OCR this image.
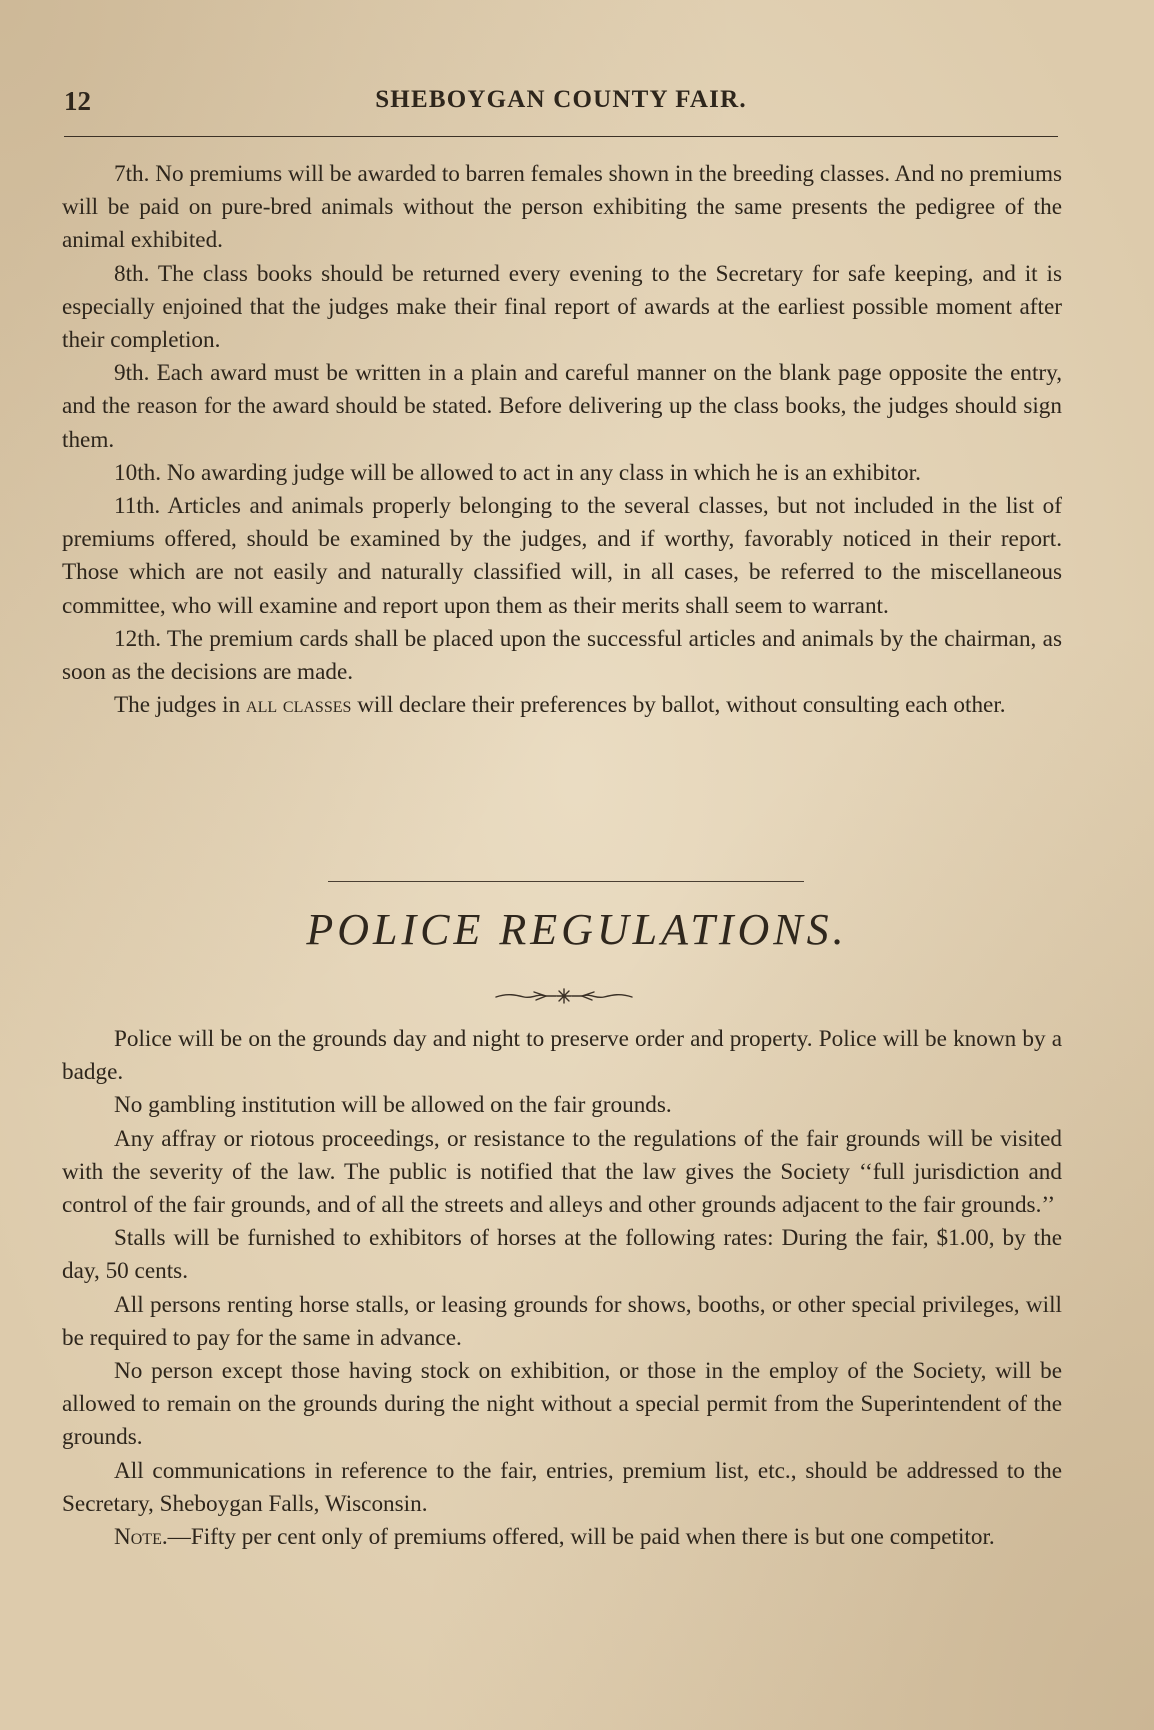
12	SHEBOYGAN COUNTY FAIR.

7th. No premiums will be awarded to barren females shown in the breeding classes. And no premiums will be paid on pure-bred animals without the person exhibiting the same presents the pedigree of the animal exhibited.

8th. The class books should be returned every evening to the Secretary for safe keeping, and it is especially enjoined that the judges make their final report of awards at the earliest possible moment after their completion.

9th. Each award must be written in a plain and careful manner on the blank page opposite the entry, and the reason for the award should be stated. Before delivering up the class books, the judges should sign them.

10th. No awarding judge will be allowed to act in any class in which he is an exhibitor.

11th. Articles and animals properly belonging to the several classes, but not included in the list of premiums offered, should be examined by the judges, and if worthy, favorably noticed in their report. Those which are not easily and naturally classified will, in all cases, be referred to the miscellaneous committee, who will examine and report upon them as their merits shall seem to warrant.

12th. The premium cards shall be placed upon the successful articles and animals by the chairman, as soon as the decisions are made.

The judges in all classes will declare their preferences by ballot, without consulting each other.

POLICE REGULATIONS.

Police will be on the grounds day and night to preserve order and property. Police will be known by a badge.

No gambling institution will be allowed on the fair grounds.

Any affray or riotous proceedings, or resistance to the regulations of the fair grounds will be visited with the severity of the law. The public is notified that the law gives the Society ‘‘full jurisdiction and control of the fair grounds, and of all the streets and alleys and other grounds adjacent to the fair grounds.’’

Stalls will be furnished to exhibitors of horses at the following rates: During the fair, $1.00, by the day, 50 cents.

All persons renting horse stalls, or leasing grounds for shows, booths, or other special privileges, will be required to pay for the same in advance.

No person except those having stock on exhibition, or those in the employ of the Society, will be allowed to remain on the grounds during the night without a special permit from the Superintendent of the grounds.

All communications in reference to the fair, entries, premium list, etc., should be addressed to the Secretary, Sheboygan Falls, Wisconsin.

Note.—Fifty per cent only of premiums offered, will be paid when there is but one competitor.
